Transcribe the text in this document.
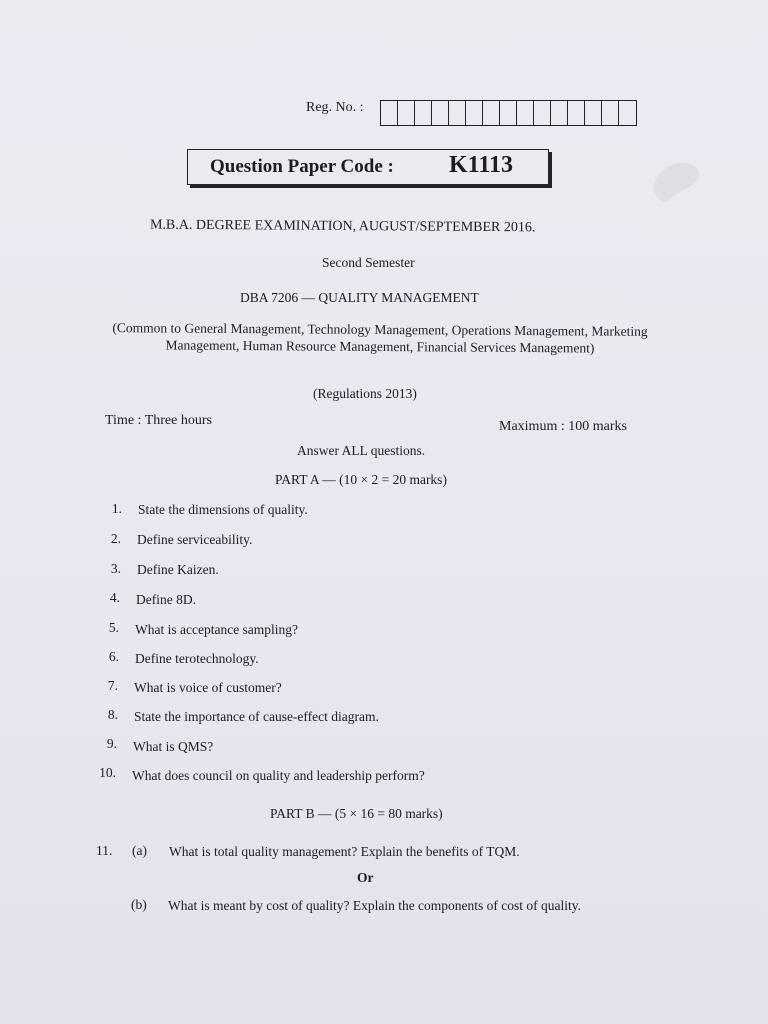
Reg. No. :
Question Paper Code : K1113
M.B.A. DEGREE EXAMINATION, AUGUST/SEPTEMBER 2016.
Second Semester
DBA 7206 — QUALITY MANAGEMENT
(Common to General Management, Technology Management, Operations Management, Marketing Management, Human Resource Management, Financial Services Management)
(Regulations 2013)
Time : Three hours	Maximum : 100 marks
Answer ALL questions.
PART A — (10 × 2 = 20 marks)
1. State the dimensions of quality.
2. Define serviceability.
3. Define Kaizen.
4. Define 8D.
5. What is acceptance sampling?
6. Define terotechnology.
7. What is voice of customer?
8. State the importance of cause-effect diagram.
9. What is QMS?
10. What does council on quality and leadership perform?
PART B — (5 × 16 = 80 marks)
11. (a) What is total quality management? Explain the benefits of TQM.
Or
(b) What is meant by cost of quality? Explain the components of cost of quality.
